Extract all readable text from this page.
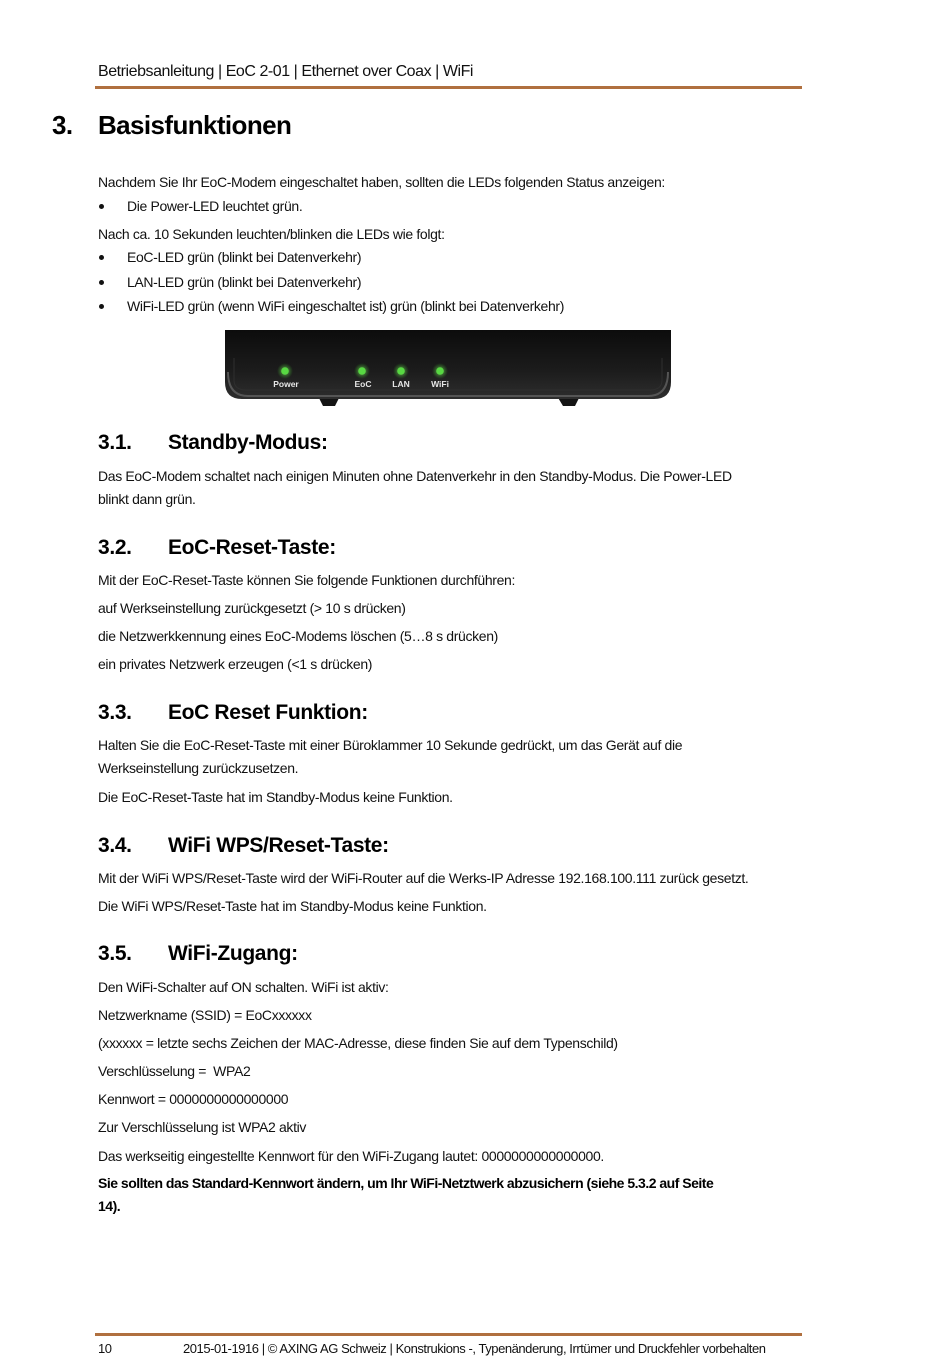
Betriebsanleitung | EoC 2-01 | Ethernet over Coax | WiFi
3. Basisfunktionen
Nachdem Sie Ihr EoC-Modem eingeschaltet haben, sollten die LEDs folgenden Status anzeigen:
Die Power-LED leuchtet grün.
Nach ca. 10 Sekunden leuchten/blinken die LEDs wie folgt:
EoC-LED grün (blinkt bei Datenverkehr)
LAN-LED grün (blinkt bei Datenverkehr)
WiFi-LED grün (wenn WiFi eingeschaltet ist) grün (blinkt bei Datenverkehr)
Power	EoC LAN	WiFi
3.1. Standby-Modus:
Das EoC-Modem schaltet nach einigen Minuten ohne Datenverkehr in den Standby-Modus. Die Power-LED
blinkt dann grün.
3.2. EoC-Reset-Taste:
Mit der EoC-Reset-Taste können Sie folgende Funktionen durchführen:
auf Werkseinstellung zurückgesetzt (> 10 s drücken)
die Netzwerkkennung eines EoC-Modems löschen (5…8 s drücken)
ein privates Netzwerk erzeugen (<1 s drücken)
3.3. EoC Reset Funktion:
Halten Sie die EoC-Reset-Taste mit einer Büroklammer 10 Sekunde gedrückt, um das Gerät auf die
Werkseinstellung zurückzusetzen.
Die EoC-Reset-Taste hat im Standby-Modus keine Funktion.
3.4. WiFi WPS/Reset-Taste:
Mit der WiFi WPS/Reset-Taste wird der WiFi-Router auf die Werks-IP Adresse 192.168.100.111 zurück gesetzt.
Die WiFi WPS/Reset-Taste hat im Standby-Modus keine Funktion.
3.5. WiFi-Zugang:
Den WiFi-Schalter auf ON schalten. WiFi ist aktiv:
Netzwerkname (SSID) = EoCxxxxxx
(xxxxxx = letzte sechs Zeichen der MAC-Adresse, diese finden Sie auf dem Typenschild)
Verschlüsselung =  WPA2
Kennwort = 0000000000000000
Zur Verschlüsselung ist WPA2 aktiv
Das werkseitig eingestellte Kennwort für den WiFi-Zugang lautet: 0000000000000000.
Sie sollten das Standard-Kennwort ändern, um Ihr WiFi-Netztwerk abzusichern (siehe 5.3.2 auf Seite
14).
10	2015-01-1916 | © AXING AG Schweiz | Konstrukions -, Typenänderung, Irrtümer und Druckfehler vorbehalten
